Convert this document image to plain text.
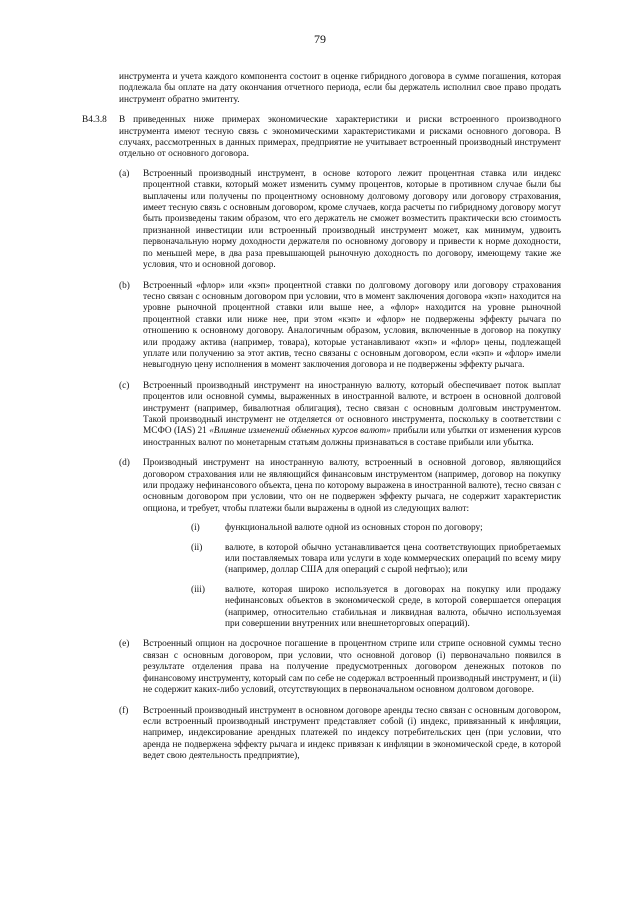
79

инструмента и учета каждого компонента состоит в оценке гибридного договора в сумме погашения, которая подлежала бы оплате на дату окончания отчетного периода, если бы держатель исполнил свое право продать инструмент обратно эмитенту.

B4.3.8 В приведенных ниже примерах экономические характеристики и риски встроенного производного инструмента имеют тесную связь с экономическими характеристиками и рисками основного договора. В случаях, рассмотренных в данных примерах, предприятие не учитывает встроенный производный инструмент отдельно от основного договора.
(a) Встроенный производный инструмент, в основе которого лежит процентная ставка или индекс процентной ставки, который может изменить сумму процентов, которые в противном случае были бы выплачены или получены по процентному основному долговому договору или договору страхования, имеет тесную связь с основным договором, кроме случаев, когда расчеты по гибридному договору могут быть произведены таким образом, что его держатель не сможет возместить практически всю стоимость признанной инвестиции или встроенный производный инструмент может, как минимум, удвоить первоначальную норму доходности держателя по основному договору и привести к норме доходности, по меньшей мере, в два раза превышающей рыночную доходность по договору, имеющему такие же условия, что и основной договор.
(b) Встроенный «флор» или «кэп» процентной ставки по долговому договору или договору страхования тесно связан с основным договором при условии, что в момент заключения договора «кэп» находится на уровне рыночной процентной ставки или выше нее, а «флор» находится на уровне рыночной процентной ставки или ниже нее, при этом «кэп» и «флор» не подвержены эффекту рычага по отношению к основному договору. Аналогичным образом, условия, включенные в договор на покупку или продажу актива (например, товара), которые устанавливают «кэп» и «флор» цены, подлежащей уплате или получению за этот актив, тесно связаны с основным договором, если «кэп» и «флор» имели невыгодную цену исполнения в момент заключения договора и не подвержены эффекту рычага.
(c) Встроенный производный инструмент на иностранную валюту, который обеспечивает поток выплат процентов или основной суммы, выраженных в иностранной валюте, и встроен в основной долговой инструмент (например, бивалютная облигация), тесно связан с основным долговым инструментом. Такой производный инструмент не отделяется от основного инструмента, поскольку в соответствии с МСФО (IAS) 21 «Влияние изменений обменных курсов валют» прибыли или убытки от изменения курсов иностранных валют по монетарным статьям должны признаваться в составе прибыли или убытка.
(d) Производный инструмент на иностранную валюту, встроенный в основной договор, являющийся договором страхования или не являющийся финансовым инструментом (например, договор на покупку или продажу нефинансового объекта, цена по которому выражена в иностранной валюте), тесно связан с основным договором при условии, что он не подвержен эффекту рычага, не содержит характеристик опциона, и требует, чтобы платежи были выражены в одной из следующих валют:
(i)	функциональной валюте одной из основных сторон по договору;
(ii) валюте, в которой обычно устанавливается цена соответствующих приобретаемых или поставляемых товара или услуги в ходе коммерческих операций по всему миру (например, доллар США для операций с сырой нефтью); или
(iii) валюте, которая широко используется в договорах на покупку или продажу нефинансовых объектов в экономической среде, в которой совершается операция (например, относительно стабильная и ликвидная валюта, обычно используемая при совершении внутренних или внешнеторговых операций).
(e) Встроенный опцион на досрочное погашение в процентном стрипе или стрипе основной суммы тесно связан с основным договором, при условии, что основной договор (i) первоначально появился в результате отделения права на получение предусмотренных договором денежных потоков по финансовому инструменту, который сам по себе не содержал встроенный производный инструмент, и (ii) не содержит каких-либо условий, отсутствующих в первоначальном основном долговом договоре.
(f) Встроенный производный инструмент в основном договоре аренды тесно связан с основным договором, если встроенный производный инструмент представляет собой (i) индекс, привязанный к инфляции, например, индексирование арендных платежей по индексу потребительских цен (при условии, что аренда не подвержена эффекту рычага и индекс привязан к инфляции в экономической среде, в которой ведет свою деятельность предприятие),
